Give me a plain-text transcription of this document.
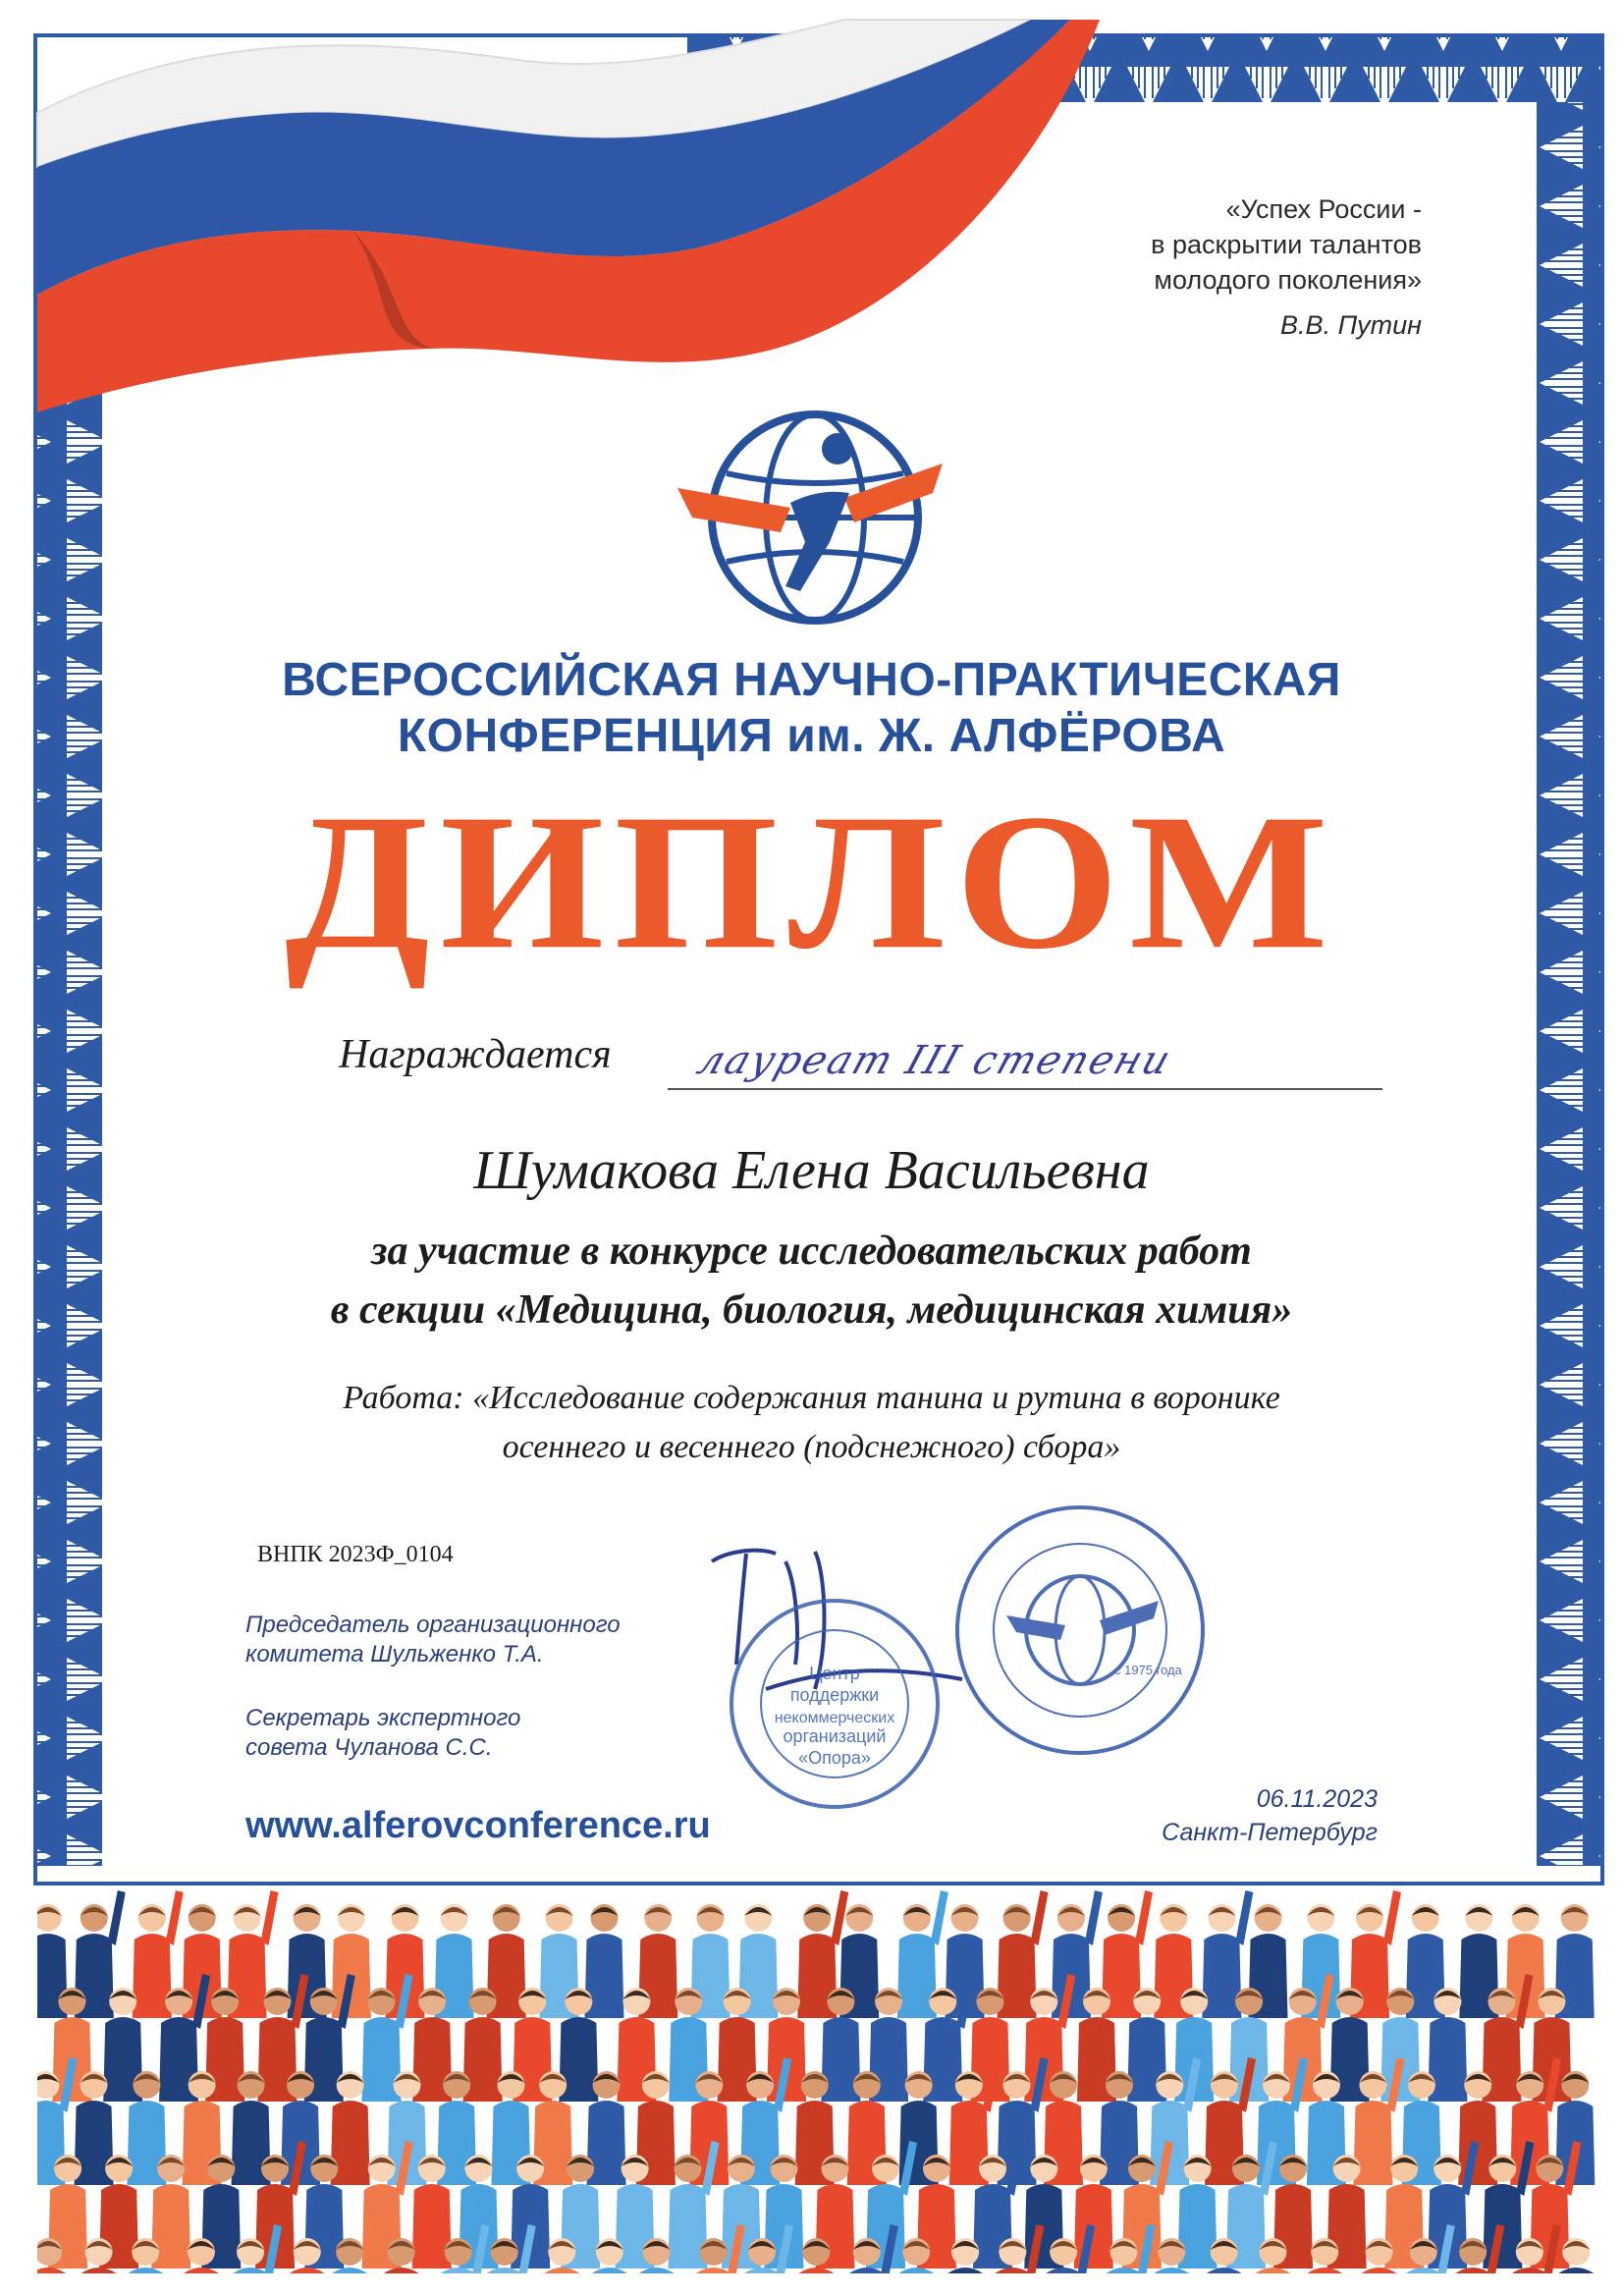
«Успех России -
в раскрытии талантов
молодого поколения»
В.В. Путин
ВСЕРОССИЙСКАЯ НАУЧНО-ПРАКТИЧЕСКАЯ
КОНФЕРЕНЦИЯ им. Ж. АЛФЁРОВА
ДИПЛОМ
Награждается лауреат III степени
Шумакова Елена Васильевна
за участие в конкурсе исследовательских работ
в секции «Медицина, биология, медицинская химия»
Работа: «Исследование содержания танина и рутина в воронике
осеннего и весеннего (подснежного) сбора»
ВНПК 2023Ф_0104
Председатель организационного
комитета Шульженко Т.А.
Секретарь экспертного
совета Чуланова С.С.
Центр
поддержки
некоммерческих
организаций
«Опора»
с 1975 года
www.alferovconference.ru
06.11.2023
Санкт-Петербург
